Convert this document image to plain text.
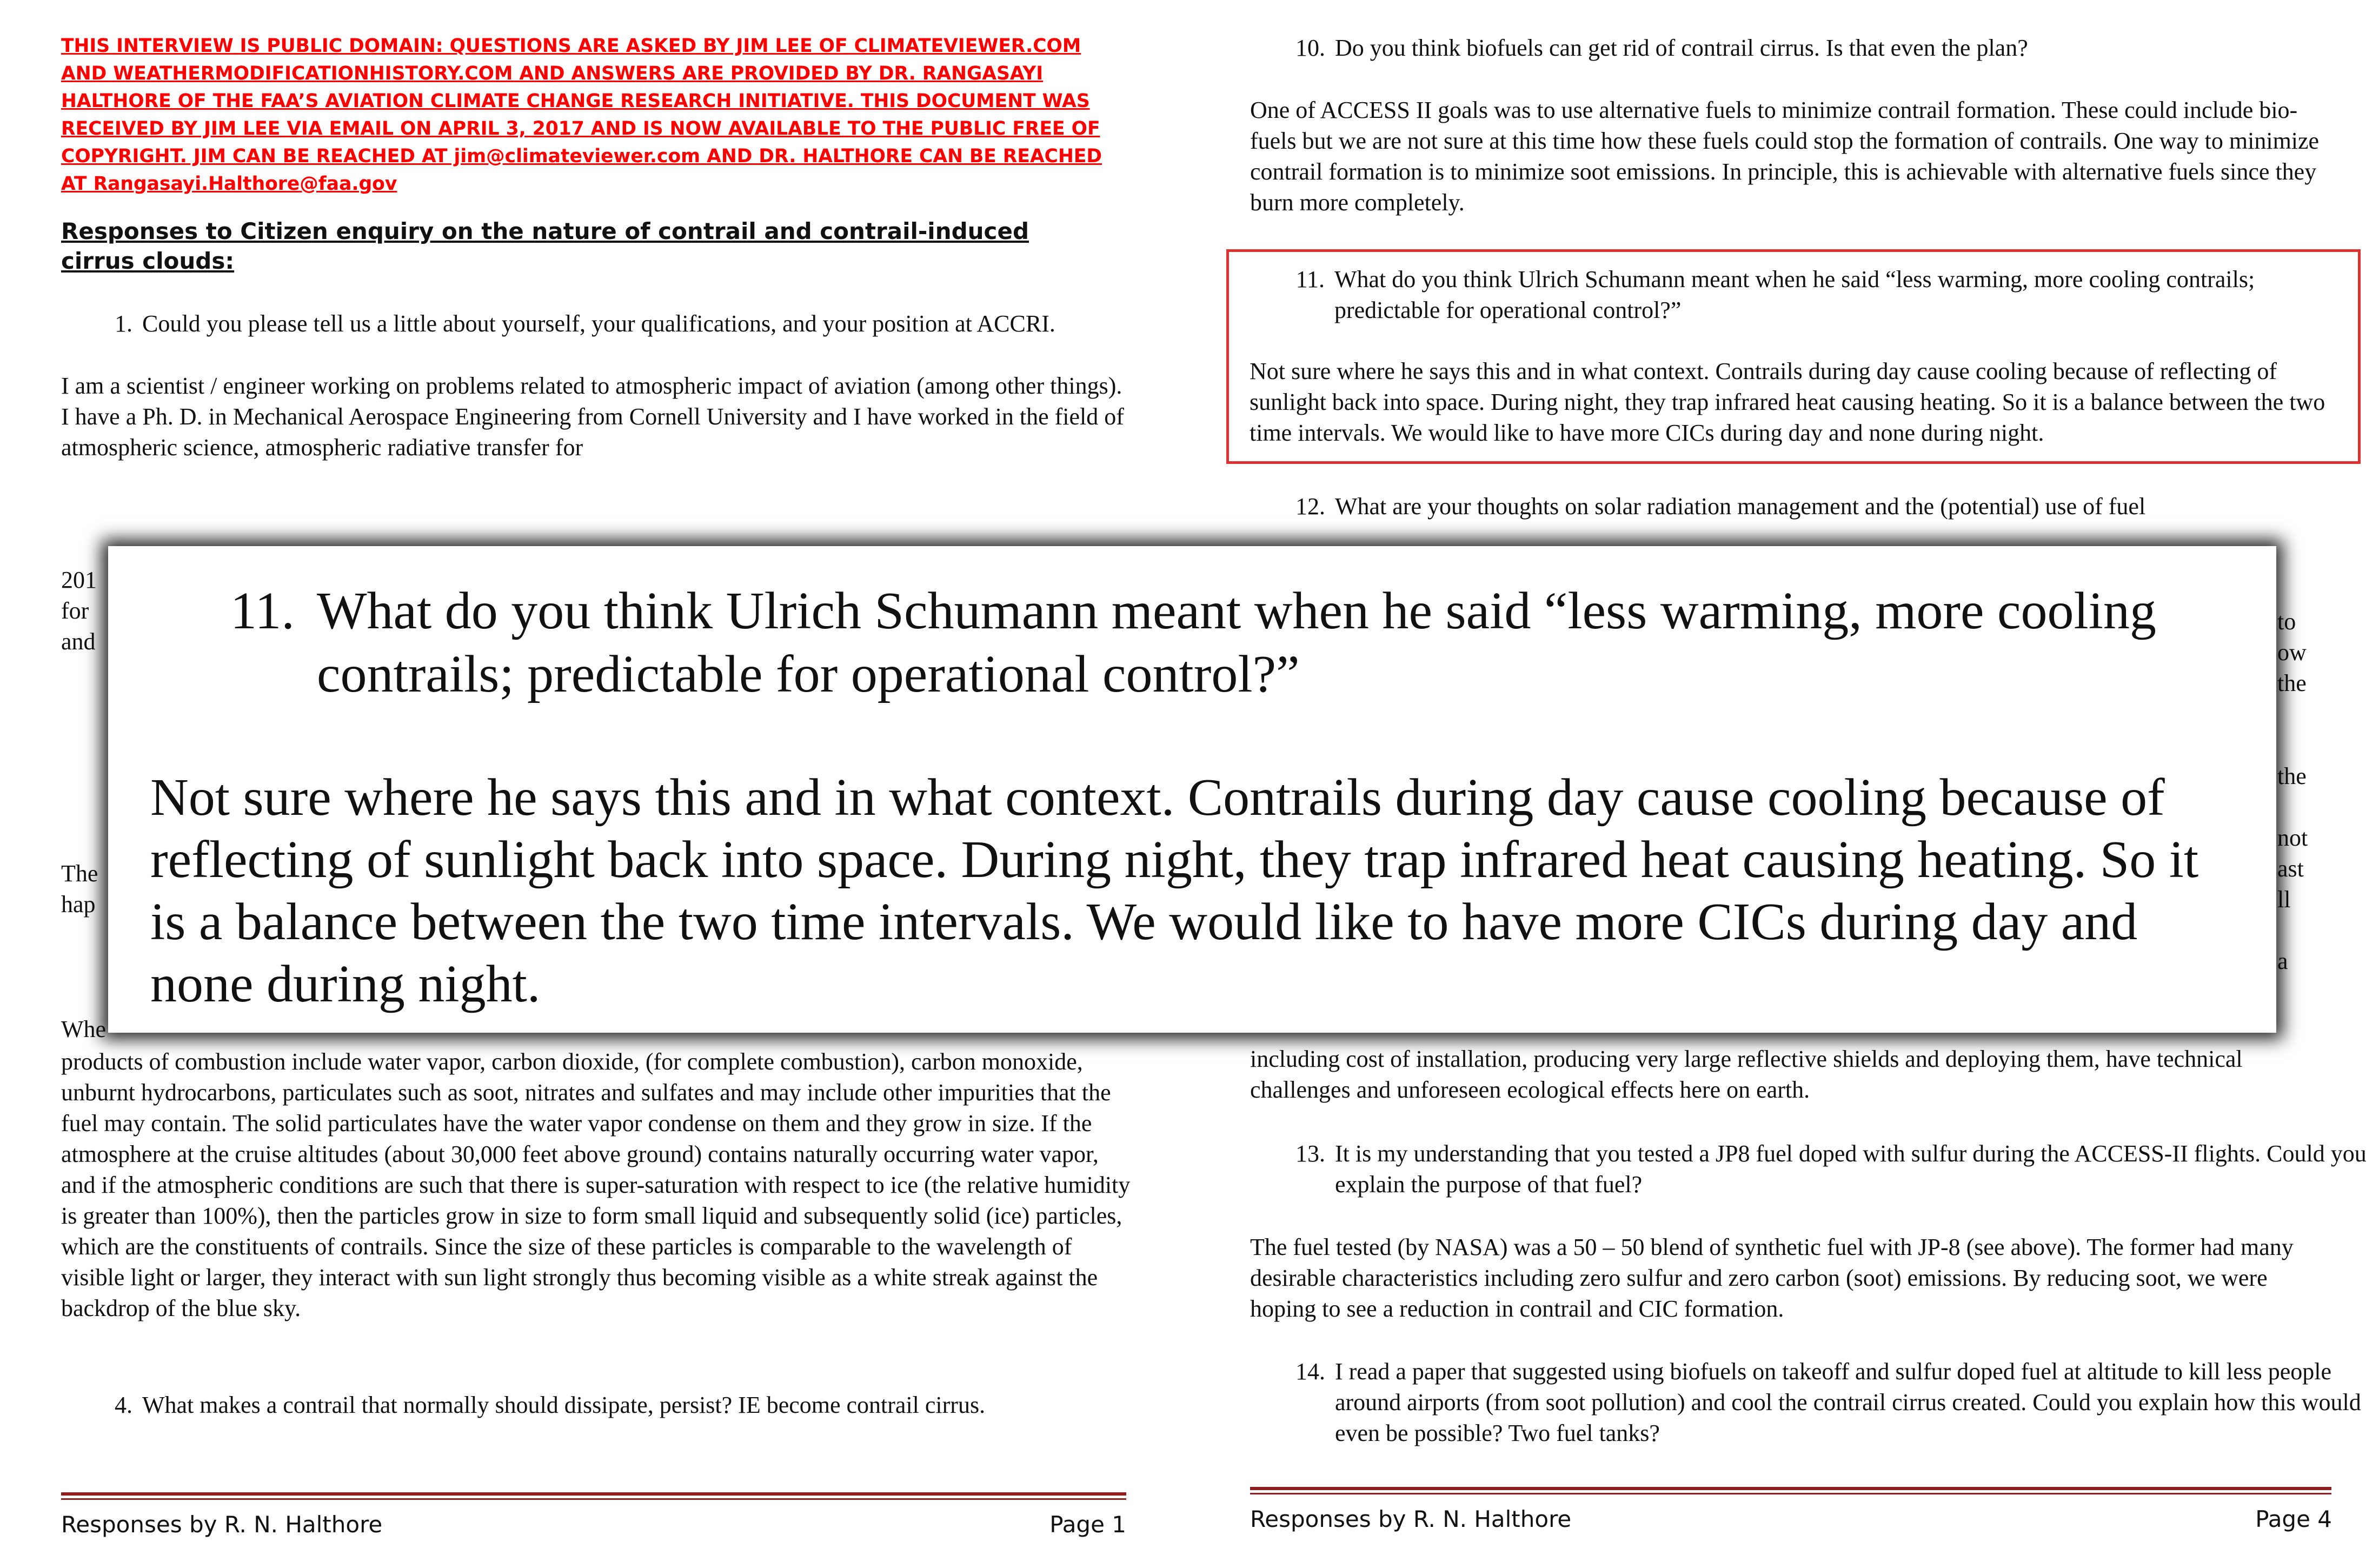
THIS INTERVIEW IS PUBLIC DOMAIN: QUESTIONS ARE ASKED BY JIM LEE OF CLIMATEVIEWER.COM AND WEATHERMODIFICATIONHISTORY.COM AND ANSWERS ARE PROVIDED BY DR. RANGASAYI HALTHORE OF THE FAA’S AVIATION CLIMATE CHANGE RESEARCH INITIATIVE. THIS DOCUMENT WAS RECEIVED BY JIM LEE VIA EMAIL ON APRIL 3, 2017 AND IS NOW AVAILABLE TO THE PUBLIC FREE OF COPYRIGHT. JIM CAN BE REACHED AT jim@climateviewer.com AND DR. HALTHORE CAN BE REACHED AT Rangasayi.Halthore@faa.gov

Responses to Citizen enquiry on the nature of contrail and contrail-induced cirrus clouds:

1. Could you please tell us a little about yourself, your qualifications, and your position at ACCRI.

I am a scientist / engineer working on problems related to atmospheric impact of aviation (among other things). I have a Ph. D. in Mechanical Aerospace Engineering from Cornell University and I have worked in the field of atmospheric science, atmospheric radiative transfer for

201
for
and
The
hap
Whe

products of combustion include water vapor, carbon dioxide, (for complete combustion), carbon monoxide, unburnt hydrocarbons, particulates such as soot, nitrates and sulfates and may include other impurities that the fuel may contain. The solid particulates have the water vapor condense on them and they grow in size. If the atmosphere at the cruise altitudes (about 30,000 feet above ground) contains naturally occurring water vapor, and if the atmospheric conditions are such that there is super-saturation with respect to ice (the relative humidity is greater than 100%), then the particles grow in size to form small liquid and subsequently solid (ice) particles, which are the constituents of contrails. Since the size of these particles is comparable to the wavelength of visible light or larger, they interact with sun light strongly thus becoming visible as a white streak against the backdrop of the blue sky.

4. What makes a contrail that normally should dissipate, persist? IE become contrail cirrus.
Responses by R. N. Halthore	Page 1
10. Do you think biofuels can get rid of contrail cirrus. Is that even the plan?

One of ACCESS II goals was to use alternative fuels to minimize contrail formation. These could include bio-fuels but we are not sure at this time how these fuels could stop the formation of contrails. One way to minimize contrail formation is to minimize soot emissions. In principle, this is achievable with alternative fuels since they burn more completely.

11. What do you think Ulrich Schumann meant when he said “less warming, more cooling contrails; predictable for operational control?”

Not sure where he says this and in what context. Contrails during day cause cooling because of reflecting of sunlight back into space. During night, they trap infrared heat causing heating. So it is a balance between the two time intervals. We would like to have more CICs during day and none during night.

12. What are your thoughts on solar radiation management and the (potential) use of fuel
to
ow
the
the
not
ast
ll
a

including cost of installation, producing very large reflective shields and deploying them, have technical challenges and unforeseen ecological effects here on earth.

13. It is my understanding that you tested a JP8 fuel doped with sulfur during the ACCESS-II flights. Could you explain the purpose of that fuel?

The fuel tested (by NASA) was a 50 – 50 blend of synthetic fuel with JP-8 (see above). The former had many desirable characteristics including zero sulfur and zero carbon (soot) emissions. By reducing soot, we were hoping to see a reduction in contrail and CIC formation.

14. I read a paper that suggested using biofuels on takeoff and sulfur doped fuel at altitude to kill less people around airports (from soot pollution) and cool the contrail cirrus created. Could you explain how this would even be possible? Two fuel tanks?
Responses by R. N. Halthore	Page 4
11. What do you think Ulrich Schumann meant when he said “less warming, more cooling contrails; predictable for operational control?”

Not sure where he says this and in what context. Contrails during day cause cooling because of reflecting of sunlight back into space. During night, they trap infrared heat causing heating. So it is a balance between the two time intervals. We would like to have more CICs during day and none during night.
